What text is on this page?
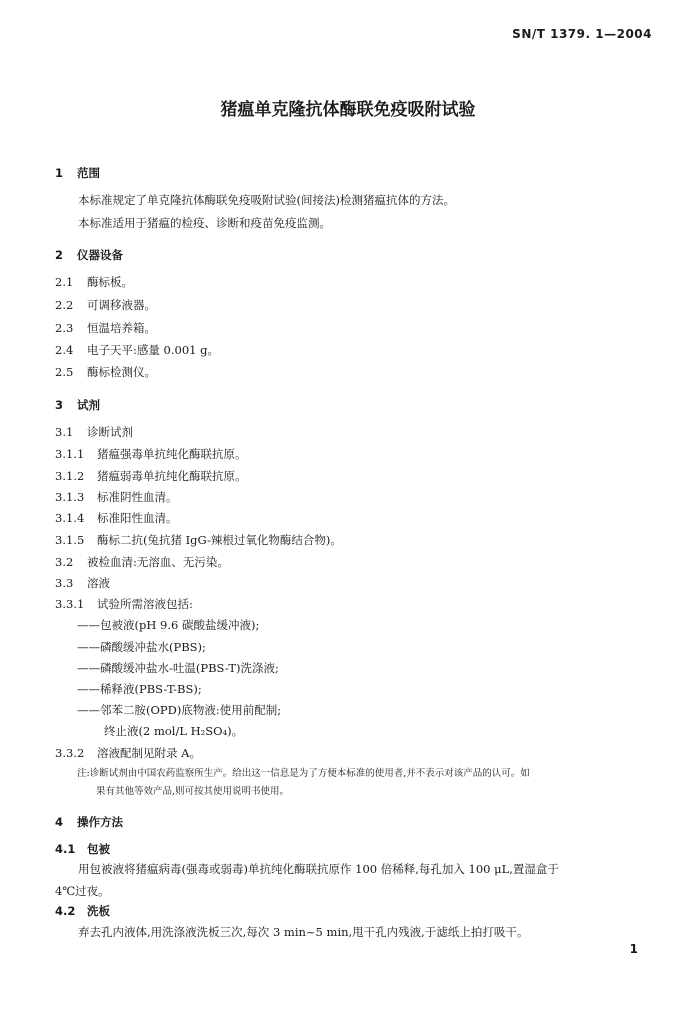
SN/T 1379. 1—2004
猪瘟单克隆抗体酶联免疫吸附试验
1 范围
本标准规定了单克隆抗体酶联免疫吸附试验(间接法)检测猪瘟抗体的方法。
本标准适用于猪瘟的检疫、诊断和疫苗免疫监测。
2 仪器设备
2.1 酶标板。
2.2 可调移液器。
2.3 恒温培养箱。
2.4 电子天平:感量 0.001 g。
2.5 酶标检测仪。
3 试剂
3.1 诊断试剂
3.1.1 猪瘟强毒单抗纯化酶联抗原。
3.1.2 猪瘟弱毒单抗纯化酶联抗原。
3.1.3 标准阴性血清。
3.1.4 标准阳性血清。
3.1.5 酶标二抗(兔抗猪 IgG-辣根过氧化物酶结合物)。
3.2 被检血清:无溶血、无污染。
3.3 溶液
3.3.1 试验所需溶液包括:
——包被液(pH 9.6 碳酸盐缓冲液);
——磷酸缓冲盐水(PBS);
——磷酸缓冲盐水-吐温(PBS-T)洗涤液;
——稀释液(PBS-T-BS);
——邻苯二胺(OPD)底物液:使用前配制;
终止液(2 mol/L H₂SO₄)。
3.3.2 溶液配制见附录 A。
注:诊断试剂由中国农药监察所生产。给出这一信息是为了方便本标准的使用者,并不表示对该产品的认可。如
果有其他等效产品,则可按其使用说明书使用。
4 操作方法
4.1 包被
用包被液将猪瘟病毒(强毒或弱毒)单抗纯化酶联抗原作 100 倍稀释,每孔加入 100 μL,置湿盒于
4℃过夜。
4.2 洗板
弃去孔内液体,用洗涤液洗板三次,每次 3 min~5 min,甩干孔内残液,于滤纸上拍打吸干。
1
